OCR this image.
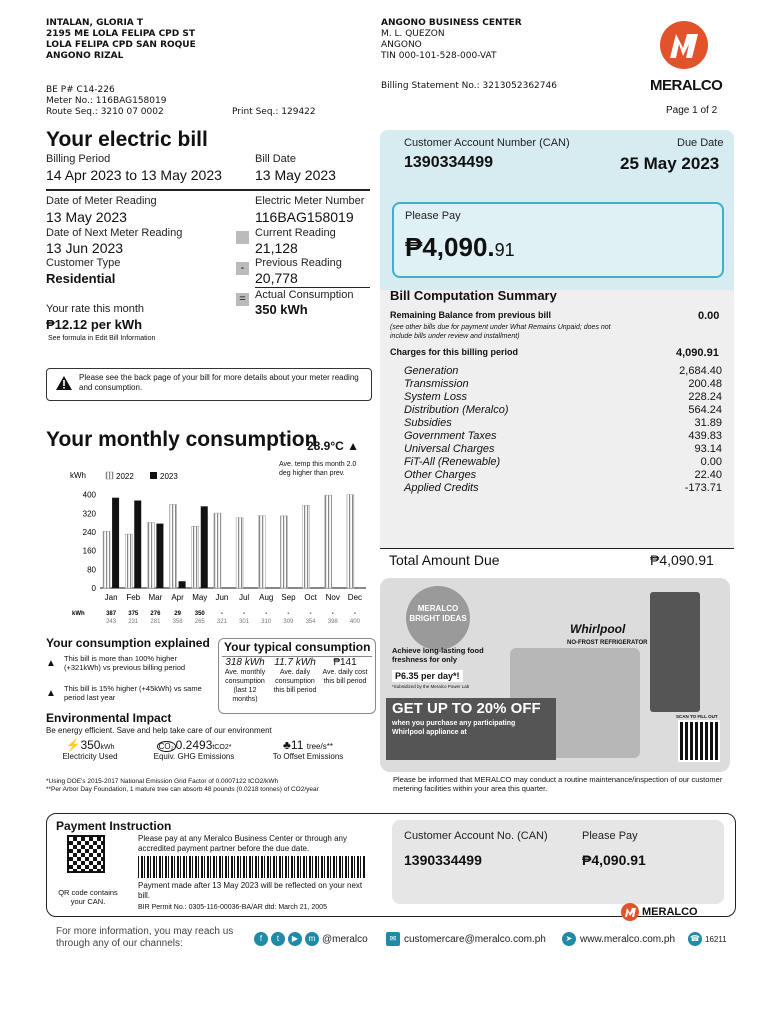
INTALAN, GLORIA T
2195 ME LOLA FELIPA CPD ST
LOLA FELIPA CPD SAN ROQUE
ANGONO RIZAL
ANGONO BUSINESS CENTER
M. L. QUEZON
ANGONO
TIN 000-101-528-000-VAT
Billing Statement No.: 3213052362746	MERALCO
Page 1 of 2
BE P# C14-226
Meter No.: 116BAG158019
Route Seq.: 3210 07 0002	Print Seq.: 129422
Your electric bill
Billing Period
14 Apr 2023 to 13 May 2023
Bill Date
13 May 2023
Date of Meter Reading
13 May 2023
Date of Next Meter Reading
13 Jun 2023
Customer Type
Residential
Electric Meter Number
116BAG158019
Current Reading
21,128
- Previous Reading
20,778
= Actual Consumption
350 kWh
Your rate this month
₱12.12 per kWh
See formula in Edit Bill Information
Please see the back page of your bill for more details about your meter reading and consumption.
Customer Account Number (CAN)
1390334499
Due Date
25 May 2023
Please Pay
₱4,090.91
Bill Computation Summary
Remaining Balance from previous bill	0.00
(see other bills due for payment under What Remains Unpaid; does not include bills under review and installment)
Charges for this billing period	4,090.91
Generation	2,684.40
Transmission	200.48
System Loss	228.24
Distribution (Meralco)	564.24
Subsidies	31.89
Government Taxes	439.83
Universal Charges	93.14
FiT-All (Renewable)	0.00
Other Charges	22.40
Applied Credits	-173.71
Total Amount Due	₱4,090.91
Your monthly consumption
28.9°C ▲
Ave. temp this month 2.0 deg higher than prev.
kWh	2022	2023
0
80
160
240
320
400
Jan
387
243
Feb
375
231
Mar
276
281
Apr
29
358
May
350
265
Jun
-
321
Jul
-
301
Aug
-
310
Sep
-
309
Oct
-
354
Nov
-
398
Dec
-
400
kWh
Your consumption explained
▲ This bill is more than 100% higher (+321kWh) vs previous billing period
▲ This bill is 15% higher (+45kWh) vs same period last year
Your typical consumption
318 kWh
Ave. monthly consumption (last 12 months)
11.7 kWh
Ave. daily consumption this bill period
₱141
Ave. daily cost this bill period
Environmental Impact
Be energy efficient. Save and help take care of our environment
⚡350kWh
Electricity Used
CO₂ 0.2493tCO2*
Equiv. GHG Emissions
♣11 tree/s**
To Offset Emissions
*Using DOE's 2015-2017 National Emission Grid Factor of 0.0007122 tCO2/kWh
**Per Arbor Day Foundation, 1 mature tree can absorb 48 pounds (0.0218 tonnes) of CO2/year
MERALCO BRIGHT IDEAS
Whirlpool
NO-FROST REFRIGERATOR
Achieve long-lasting food freshness for only
P6.35 per day*!
*Subsidized by the Meralco Power Lab
GET UP TO 20% OFF
when you purchase any participating Whirlpool appliance at
SCAN TO FILL OUT
Please be informed that MERALCO may conduct a routine maintenance/inspection of our customer metering facilities within your area this quarter.
Payment Instruction
QR code contains your CAN.
Please pay at any Meralco Business Center or through any accredited payment partner before the due date.
Payment made after 13 May 2023 will be reflected on your next bill.
BIR Permit No.: 0305-116-00036-BA/AR dtd: March 21, 2005
Customer Account No. (CAN)
1390334499
Please Pay
₱4,090.91
MERALCO
For more information, you may reach us through any of our channels:	f	t	▶	m @meralco	✉ customercare@meralco.com.ph	➤ www.meralco.com.ph ☎ 16211
